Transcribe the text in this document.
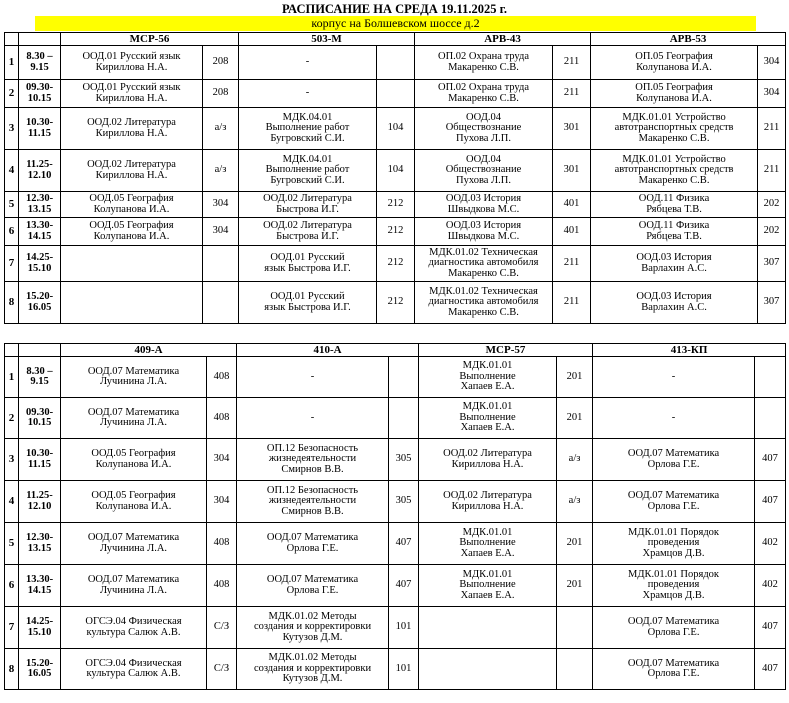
РАСПИСАНИЕ НА СРЕДА 19.11.2025 г.
корпус на Болшевском шоссе д.2
		МСР-56		503-М		АРВ-43		АРВ-53	
1	8.30 –
9.15	ООД.01 Русский язык
Кириллова Н.А.	208	-		ОП.02 Охрана труда
Макаренко С.В.	211	ОП.05 География
Колупанова И.А.	304
2	09.30-
10.15	ООД.01 Русский язык
Кириллова Н.А.	208	-		ОП.02 Охрана труда
Макаренко С.В.	211	ОП.05 География
Колупанова И.А.	304
3	10.30-
11.15	ООД.02 Литература
Кириллова Н.А.	а/з	МДК.04.01
Выполнение работ
Бугровский С.И.	104	ООД.04
Обществознание
Пухова Л.П.	301	МДК.01.01 Устройство
автотранспортных средств
Макаренко С.В.	211
4	11.25-
12.10	ООД.02 Литература
Кириллова Н.А.	а/з	МДК.04.01
Выполнение работ
Бугровский С.И.	104	ООД.04
Обществознание
Пухова Л.П.	301	МДК.01.01 Устройство
автотранспортных средств
Макаренко С.В.	211
5	12.30-
13.15	ООД.05 География
Колупанова И.А.	304	ООД.02 Литература
Быстрова И.Г.	212	ООД.03 История
Швыдкова М.С.	401	ООД.11 Физика
Рябцева Т.В.	202
6	13.30-
14.15	ООД.05 География
Колупанова И.А.	304	ООД.02 Литература
Быстрова И.Г.	212	ООД.03 История
Швыдкова М.С.	401	ООД.11 Физика
Рябцева Т.В.	202
7	14.25-
15.10			ООД.01 Русский
язык Быстрова И.Г.	212	МДК.01.02 Техническая
диагностика автомобиля
Макаренко С.В.	211	ООД.03 История
Варлахин А.С.	307
8	15.20-
16.05			ООД.01 Русский
язык Быстрова И.Г.	212	МДК.01.02 Техническая
диагностика автомобиля
Макаренко С.В.	211	ООД.03 История
Варлахин А.С.	307
		409-А		410-А		МСР-57		413-КП	
1	8.30 –
9.15	ООД.07 Математика
Лучинина Л.А.	408	-		МДК.01.01
Выполнение
Хапаев Е.А.	201	-	
2	09.30-
10.15	ООД.07 Математика
Лучинина Л.А.	408	-		МДК.01.01
Выполнение
Хапаев Е.А.	201	-	
3	10.30-
11.15	ООД.05 География
Колупанова И.А.	304	ОП.12 Безопасность
жизнедеятельности
Смирнов В.В.	305	ООД.02 Литература
Кириллова Н.А.	а/з	ООД.07 Математика
Орлова Г.Е.	407
4	11.25-
12.10	ООД.05 География
Колупанова И.А.	304	ОП.12 Безопасность
жизнедеятельности
Смирнов В.В.	305	ООД.02 Литература
Кириллова Н.А.	а/з	ООД.07 Математика
Орлова Г.Е.	407
5	12.30-
13.15	ООД.07 Математика
Лучинина Л.А.	408	ООД.07 Математика
Орлова Г.Е.	407	МДК.01.01
Выполнение
Хапаев Е.А.	201	МДК.01.01 Порядок
проведения
Храмцов Д.В.	402
6	13.30-
14.15	ООД.07 Математика
Лучинина Л.А.	408	ООД.07 Математика
Орлова Г.Е.	407	МДК.01.01
Выполнение
Хапаев Е.А.	201	МДК.01.01 Порядок
проведения
Храмцов Д.В.	402
7	14.25-
15.10	ОГСЭ.04 Физическая
культура Салюк А.В.	С/З	МДК.01.02 Методы
создания и корректировки
Кутузов Д.М.	101			ООД.07 Математика
Орлова Г.Е.	407
8	15.20-
16.05	ОГСЭ.04 Физическая
культура Салюк А.В.	С/З	МДК.01.02 Методы
создания и корректировки
Кутузов Д.М.	101			ООД.07 Математика
Орлова Г.Е.	407
